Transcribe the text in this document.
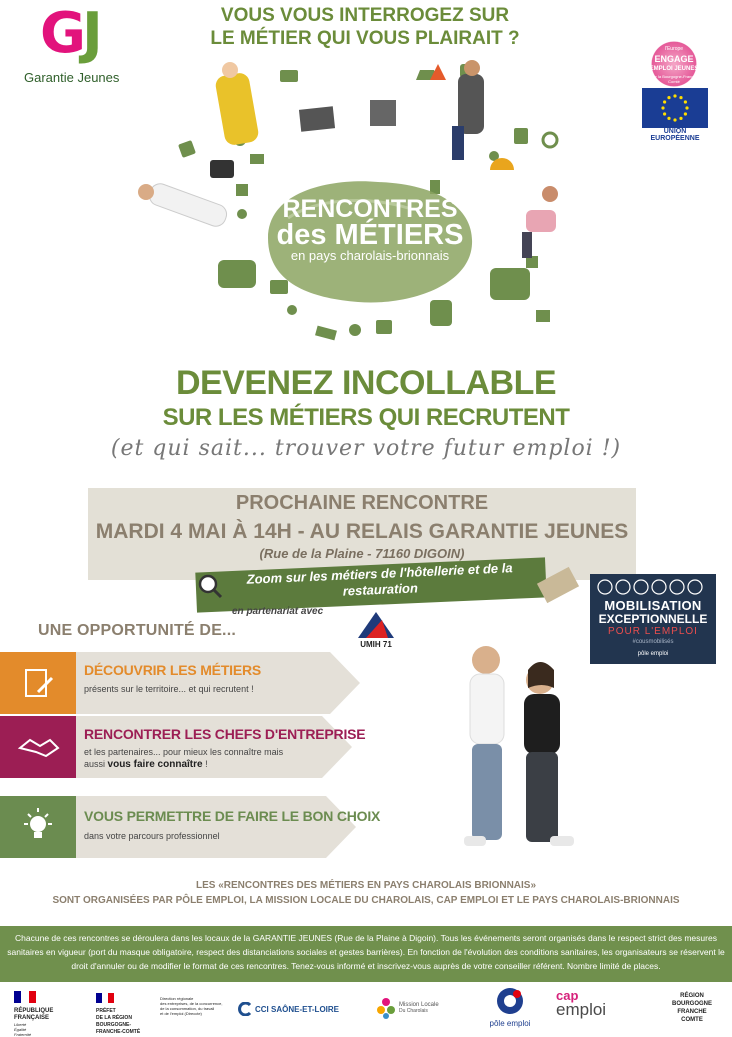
GJ
Garantie Jeunes
VOUS VOUS INTERROGEZ SUR
LE MÉTIER QUI VOUS PLAIRAIT ?	l'Europe
ENGAGE
EMPLOI JEUNES
pour la Bourgogne-Franche-Comté
UNION EUROPÉENNE
RENCONTRES
des MÉTIERS
en pays charolais-brionnais
DEVENEZ INCOLLABLE
SUR LES MÉTIERS QUI RECRUTENT
(et qui sait... trouver votre futur emploi !)
PROCHAINE RENCONTRE
MARDI 4 MAI À 14H - AU RELAIS GARANTIE JEUNES
(Rue de la Plaine - 71160 DIGOIN)
Zoom sur les métiers de l'hôtellerie et de la restauration
en partenariat avec
UMIH 71
MOBILISATION
EXCEPTIONNELLE
POUR L'EMPLOI
#cousmobilisés
pôle emploi
UNE OPPORTUNITÉ DE...
DÉCOUVRIR LES MÉTIERS
présents sur le territoire... et qui recrutent !
RENCONTRER LES CHEFS D'ENTREPRISE
et les partenaires... pour mieux les connaître mais
aussi vous faire connaître !
VOUS PERMETTRE DE FAIRE LE BON CHOIX
dans votre parcours professionnel
LES «RENCONTRES DES MÉTIERS EN PAYS CHAROLAIS BRIONNAIS»
SONT ORGANISÉES PAR PÔLE EMPLOI, LA MISSION LOCALE DU CHAROLAIS, CAP EMPLOI ET LE PAYS CHAROLAIS-BRIONNAIS
Chacune de ces rencontres se déroulera dans les locaux de la GARANTIE JEUNES (Rue de la Plaine à Digoin). Tous les événements seront organisés dans le respect strict des mesures sanitaires en vigueur (port du masque obligatoire, respect des distanciations sociales et gestes barrières). En fonction de l'évolution des conditions sanitaires, les organisateurs se réservent le droit d'annuler ou de modifier le format de ces rencontres. Tenez-vous informé et inscrivez-vous auprès de votre conseiller référent. Nombre limité de places.
RÉPUBLIQUE
FRANÇAISE
Liberté
Égalité
Fraternité
PRÉFET
DE LA RÉGION
BOURGOGNE-
FRANCHE-COMTÉ
Direction régionale
des entreprises, de la concurrence,
de la consommation, du travail
et de l'emploi (Direccte)	CCI SAÔNE-ET-LOIRE	Mission Locale
Du Charolais
pôle emploi
cap
emploi
RÉGION
BOURGOGNE
FRANCHE
COMTE
